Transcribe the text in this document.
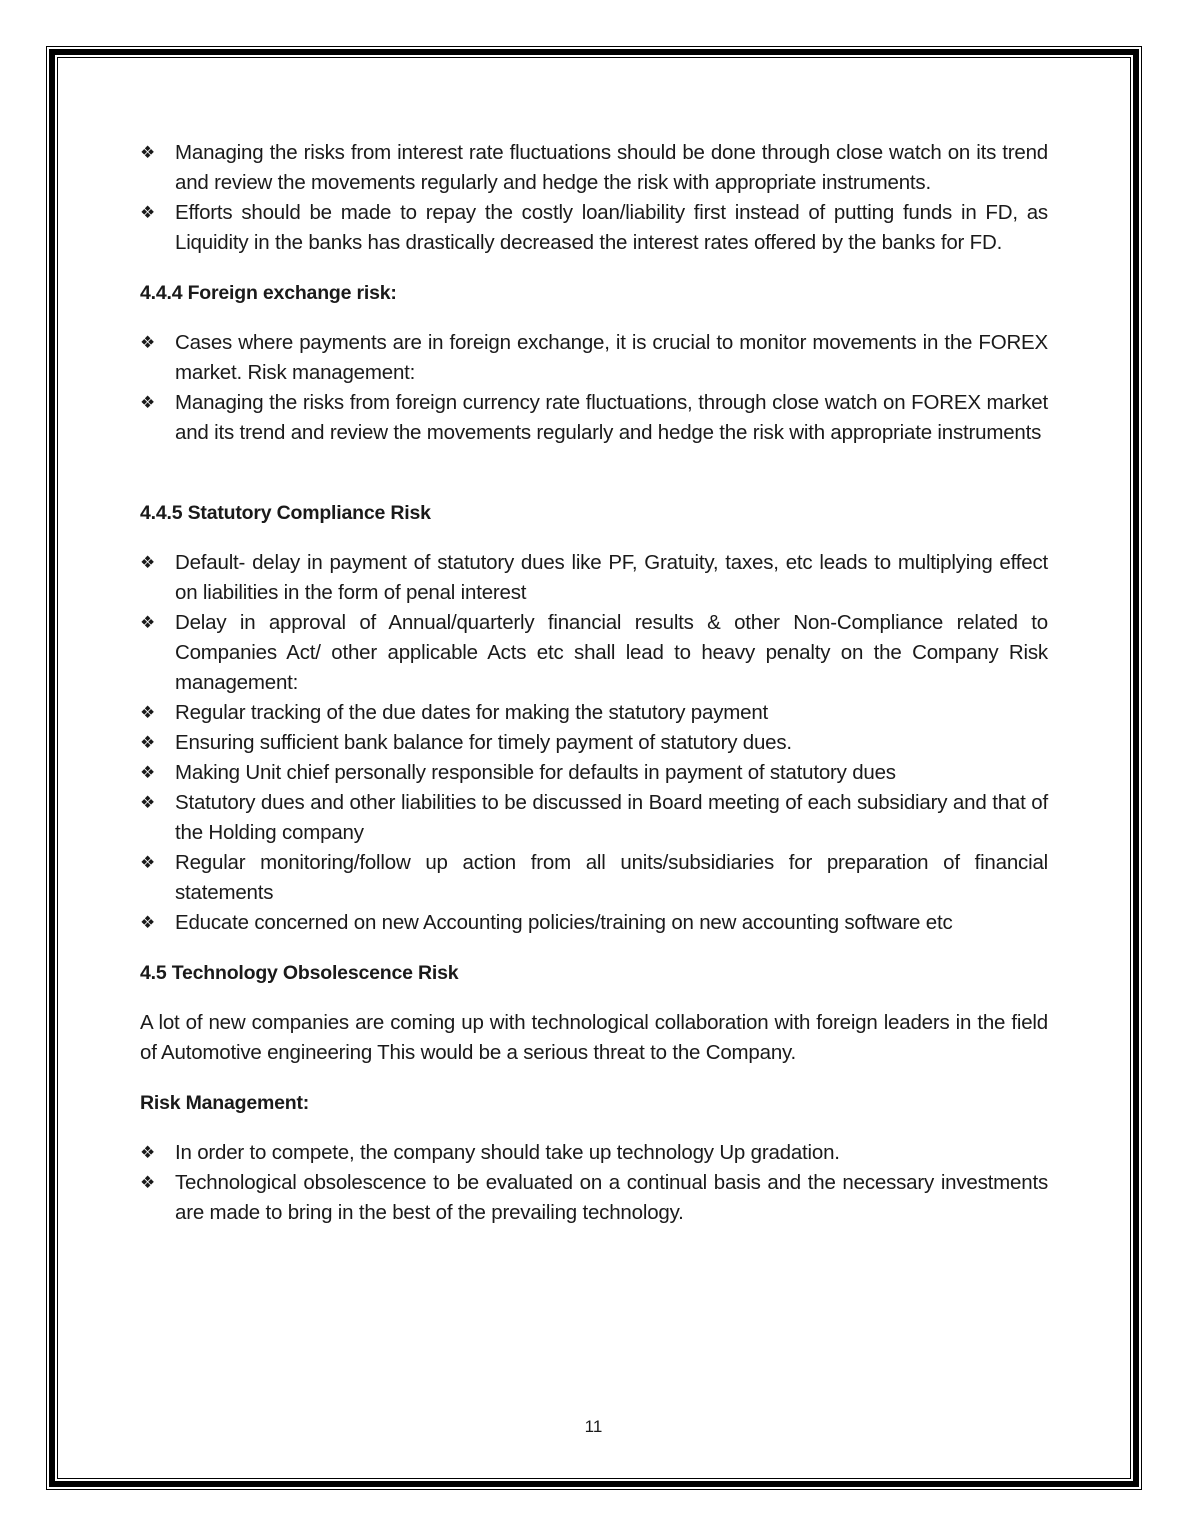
❖ Managing the risks from interest rate fluctuations should be done through close watch on its trend and review the movements regularly and hedge the risk with appropriate instruments.
❖ Efforts should be made to repay the costly loan/liability first instead of putting funds in FD, as Liquidity in the banks has drastically decreased the interest rates offered by the banks for FD.
4.4.4 Foreign exchange risk:
❖ Cases where payments are in foreign exchange, it is crucial to monitor movements in the FOREX market. Risk management:
❖ Managing the risks from foreign currency rate fluctuations, through close watch on FOREX market and its trend and review the movements regularly and hedge the risk with appropriate instruments
4.4.5 Statutory Compliance Risk
❖ Default- delay in payment of statutory dues like PF, Gratuity, taxes, etc leads to multiplying effect on liabilities in the form of penal interest
❖ Delay in approval of Annual/quarterly financial results & other Non-Compliance related to Companies Act/ other applicable Acts etc shall lead to heavy penalty on the Company Risk management:
❖ Regular tracking of the due dates for making the statutory payment
❖ Ensuring sufficient bank balance for timely payment of statutory dues.
❖ Making Unit chief personally responsible for defaults in payment of statutory dues
❖ Statutory dues and other liabilities to be discussed in Board meeting of each subsidiary and that of the Holding company
❖ Regular monitoring/follow up action from all units/subsidiaries for preparation of financial statements
❖ Educate concerned on new Accounting policies/training on new accounting software etc
4.5 Technology Obsolescence Risk

A lot of new companies are coming up with technological collaboration with foreign leaders in the field of Automotive engineering This would be a serious threat to the Company.

Risk Management:
❖ In order to compete, the company should take up technology Up gradation.
❖ Technological obsolescence to be evaluated on a continual basis and the necessary investments are made to bring in the best of the prevailing technology.
11
